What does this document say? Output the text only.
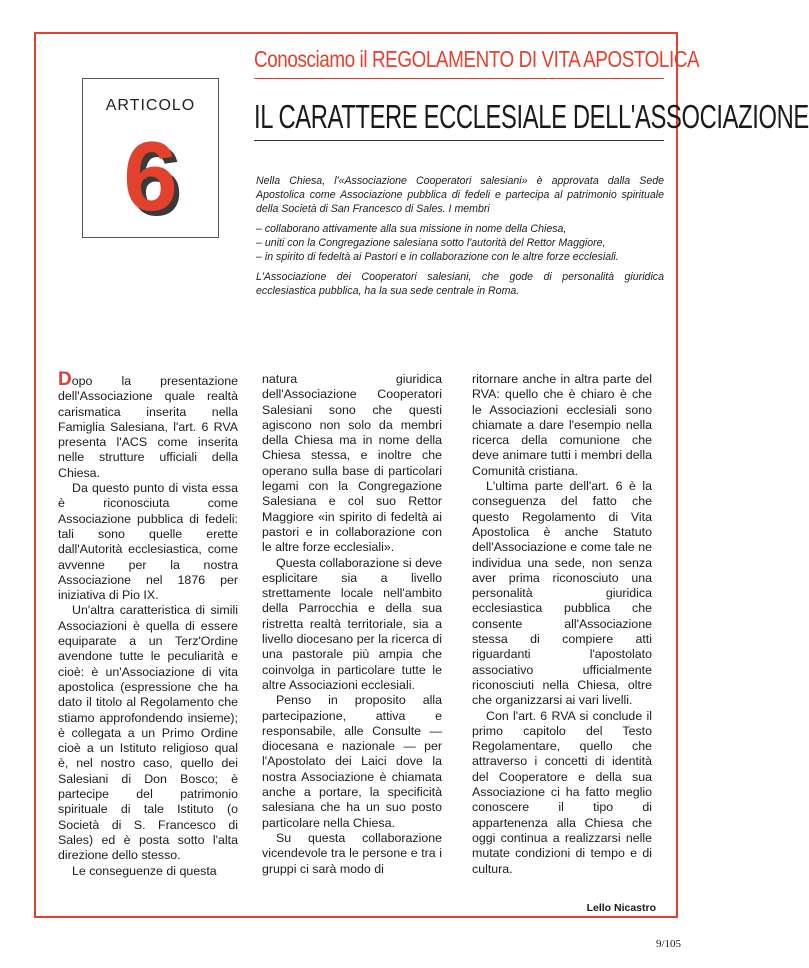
Conosciamo il REGOLAMENTO DI VITA APOSTOLICA
ARTICOLO
6
IL CARATTERE ECCLESIALE DELL'ASSOCIAZIONE

Nella Chiesa, l'«Associazione Cooperatori salesiani» è approvata dalla Sede Apostolica come Associazione pubblica di fedeli e partecipa al patrimonio spirituale della Società di San Francesco di Sales. I membri

– collaborano attivamente alla sua missione in nome della Chiesa,
– uniti con la Congregazione salesiana sotto l'autorità del Rettor Maggiore,
– in spirito di fedeltà ai Pastori e in collaborazione con le altre forze ecclesiali.

L'Associazione dei Cooperatori salesiani, che gode di personalità giuridica ecclesiastica pubblica, ha la sua sede centrale in Roma.

Dopo la presentazione dell'Associazione quale realtà carismatica inserita nella Famiglia Salesiana, l'art. 6 RVA presenta l'ACS come inserita nelle strutture ufficiali della Chiesa.

Da questo punto di vista essa è riconosciuta come Associazione pubblica di fedeli: tali sono quelle erette dall'Autorità ecclesiastica, come avvenne per la nostra Associazione nel 1876 per iniziativa di Pio IX.

Un'altra caratteristica di simili Associazioni è quella di essere equiparate a un Terz'Ordine avendone tutte le peculiarità e cioè: è un'Associazione di vita apostolica (espressione che ha dato il titolo al Regolamento che stiamo approfondendo insieme); è collegata a un Primo Ordine cioè a un Istituto religioso qual è, nel nostro caso, quello dei Salesiani di Don Bosco; è partecipe del patrimonio spirituale di tale Istituto (o Società di S. Francesco di Sales) ed è posta sotto l'alta direzione dello stesso.

Le conseguenze di questa

natura giuridica dell'Associazione Cooperatori Salesiani sono che questi agiscono non solo da membri della Chiesa ma in nome della Chiesa stessa, e inoltre che operano sulla base di particolari legami con la Congregazione Salesiana e col suo Rettor Maggiore «in spirito di fedeltà ai pastori e in collaborazione con le altre forze ecclesiali».

Questa collaborazione si deve esplicitare sia a livello strettamente locale nell'ambito della Parrocchia e della sua ristretta realtà territoriale, sia a livello diocesano per la ricerca di una pastorale più ampia che coinvolga in particolare tutte le altre Associazioni ecclesiali.

Penso in proposito alla partecipazione, attiva e responsabile, alle Consulte — diocesana e nazionale — per l'Apostolato dei Laici dove la nostra Associazione è chiamata anche a portare, la specificità salesiana che ha un suo posto particolare nella Chiesa.

Su questa collaborazione vicendevole tra le persone e tra i gruppi ci sarà modo di

ritornare anche in altra parte del RVA: quello che è chiaro è che le Associazioni ecclesiali sono chiamate a dare l'esempio nella ricerca della comunione che deve animare tutti i membri della Comunità cristiana.

L'ultima parte dell'art. 6 è la conseguenza del fatto che questo Regolamento di Vita Apostolica è anche Statuto dell'Associazione e come tale ne individua una sede, non senza aver prima riconosciuto una personalità giuridica ecclesiastica pubblica che consente all'Associazione stessa di compiere atti riguardanti l'apostolato associativo ufficialmente riconosciuti nella Chiesa, oltre che organizzarsi ai vari livelli.

Con l'art. 6 RVA si conclude il primo capitolo del Testo Regolamentare, quello che attraverso i concetti di identità del Cooperatore e della sua Associazione ci ha fatto meglio conoscere il tipo di appartenenza alla Chiesa che oggi continua a realizzarsi nelle mutate condizioni di tempo e di cultura.

Lello Nicastro
9/105
